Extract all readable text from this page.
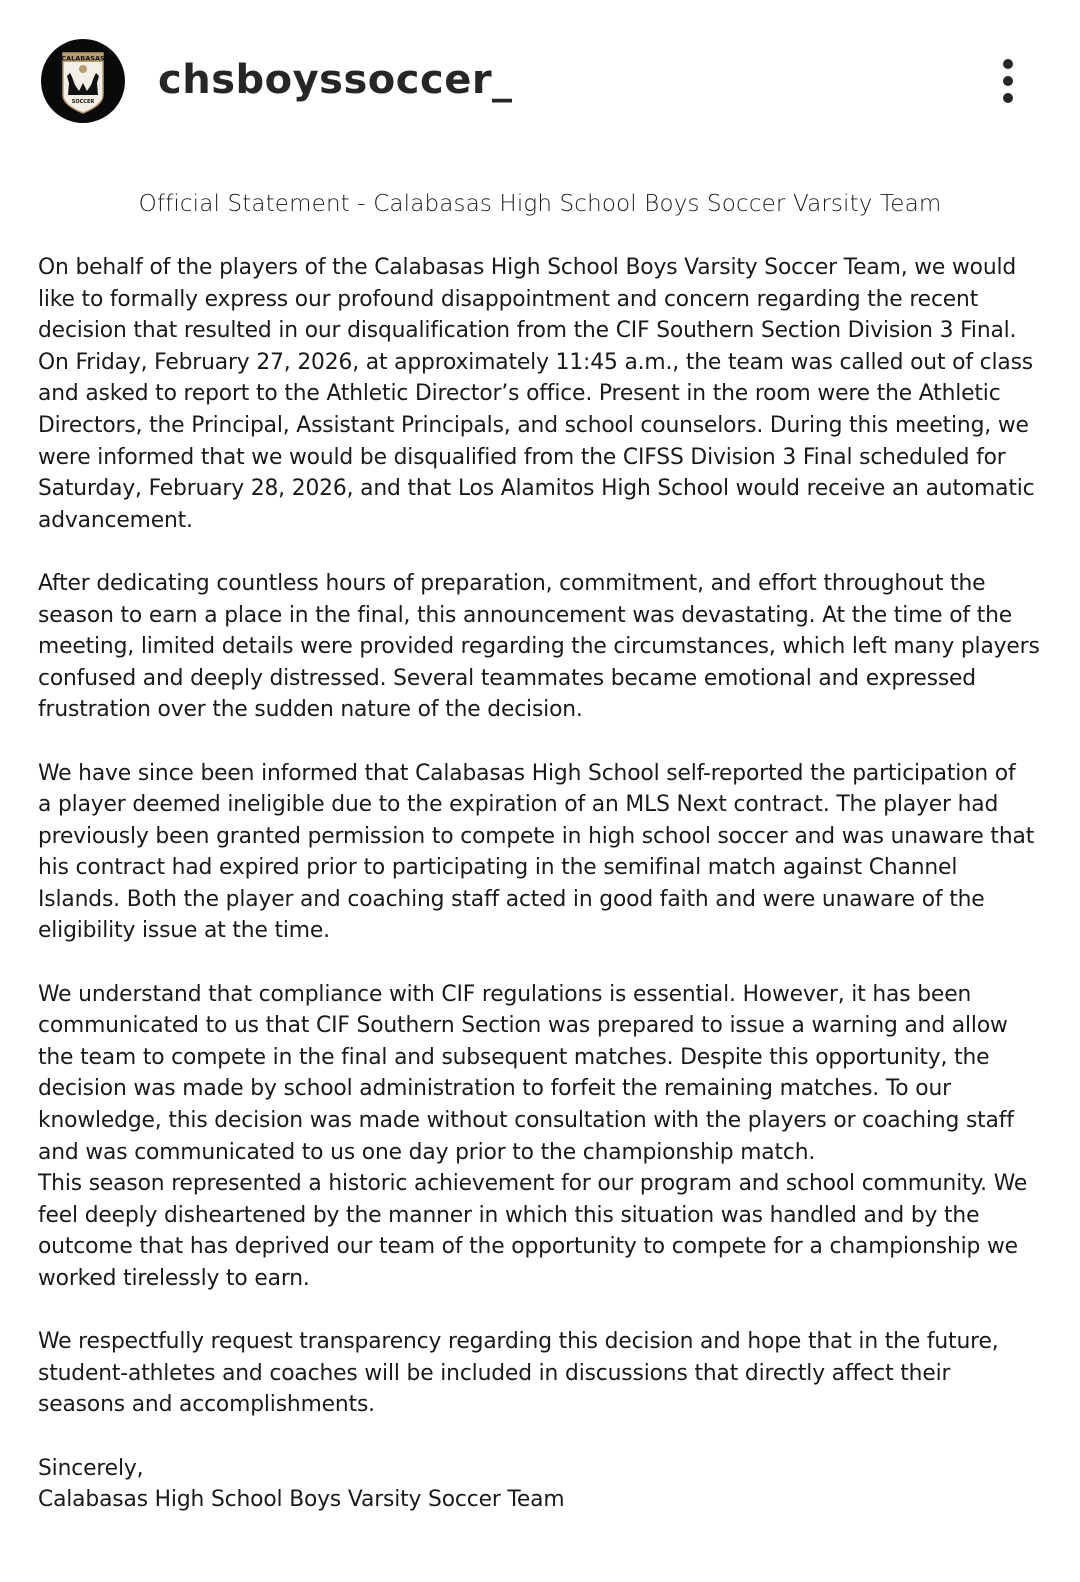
CALABASAS
SOCCER chsboyssoccer_
Official Statement - Calabasas High School Boys Soccer Varsity Team
On behalf of the players of the Calabasas High School Boys Varsity Soccer Team, we would
like to formally express our profound disappointment and concern regarding the recent
decision that resulted in our disqualification from the CIF Southern Section Division 3 Final.
On Friday, February 27, 2026, at approximately 11:45 a.m., the team was called out of class
and asked to report to the Athletic Director’s office. Present in the room were the Athletic
Directors, the Principal, Assistant Principals, and school counselors. During this meeting, we
were informed that we would be disqualified from the CIFSS Division 3 Final scheduled for
Saturday, February 28, 2026, and that Los Alamitos High School would receive an automatic
advancement.
After dedicating countless hours of preparation, commitment, and effort throughout the
season to earn a place in the final, this announcement was devastating. At the time of the
meeting, limited details were provided regarding the circumstances, which left many players
confused and deeply distressed. Several teammates became emotional and expressed
frustration over the sudden nature of the decision.
We have since been informed that Calabasas High School self-reported the participation of
a player deemed ineligible due to the expiration of an MLS Next contract. The player had
previously been granted permission to compete in high school soccer and was unaware that
his contract had expired prior to participating in the semifinal match against Channel
Islands. Both the player and coaching staff acted in good faith and were unaware of the
eligibility issue at the time.
We understand that compliance with CIF regulations is essential. However, it has been
communicated to us that CIF Southern Section was prepared to issue a warning and allow
the team to compete in the final and subsequent matches. Despite this opportunity, the
decision was made by school administration to forfeit the remaining matches. To our
knowledge, this decision was made without consultation with the players or coaching staff
and was communicated to us one day prior to the championship match.
This season represented a historic achievement for our program and school community. We
feel deeply disheartened by the manner in which this situation was handled and by the
outcome that has deprived our team of the opportunity to compete for a championship we
worked tirelessly to earn.
We respectfully request transparency regarding this decision and hope that in the future,
student-athletes and coaches will be included in discussions that directly affect their
seasons and accomplishments.
Sincerely,
Calabasas High School Boys Varsity Soccer Team
